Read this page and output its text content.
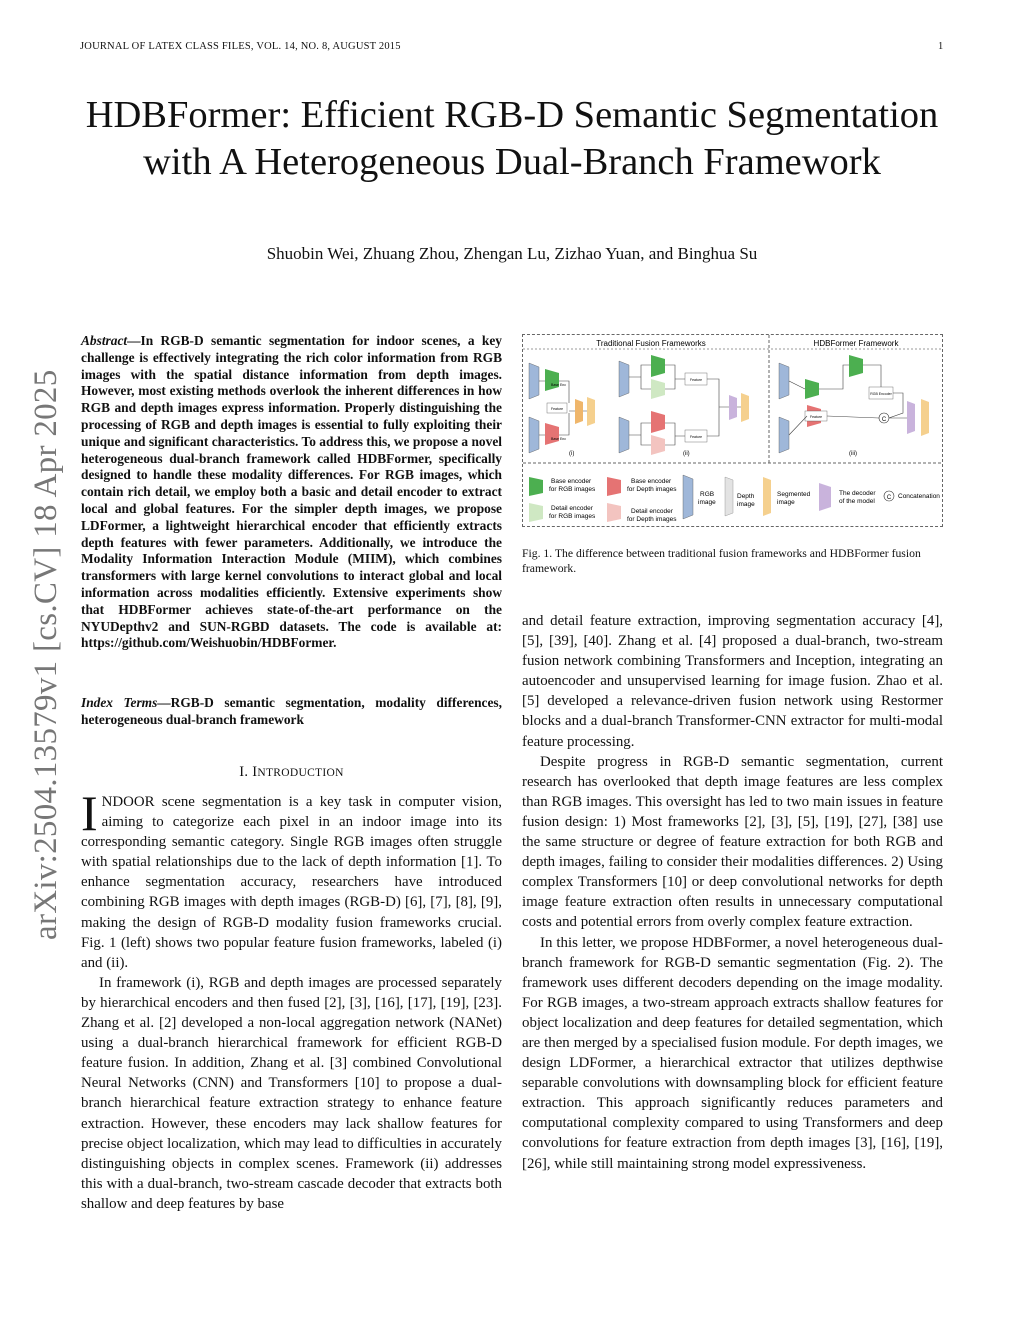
JOURNAL OF LATEX CLASS FILES, VOL. 14, NO. 8, AUGUST 2015	1
arXiv:2504.13579v1 [cs.CV] 18 Apr 2025
HDBFormer: Efficient RGB-D Semantic Segmentation with A Heterogeneous Dual-Branch Framework
Shuobin Wei, Zhuang Zhou, Zhengan Lu, Zizhao Yuan, and Binghua Su
Abstract—In RGB-D semantic segmentation for indoor scenes, a key challenge is effectively integrating the rich color information from RGB images with the spatial distance information from depth images. However, most existing methods overlook the inherent differences in how RGB and depth images express information. Properly distinguishing the processing of RGB and depth images is essential to fully exploiting their unique and significant characteristics. To address this, we propose a novel heterogeneous dual-branch framework called HDBFormer, specifically designed to handle these modality differences. For RGB images, which contain rich detail, we employ both a basic and detail encoder to extract local and global features. For the simpler depth images, we propose LDFormer, a lightweight hierarchical encoder that efficiently extracts depth features with fewer parameters. Additionally, we introduce the Modality Information Interaction Module (MIIM), which combines transformers with large kernel convolutions to interact global and local information across modalities efficiently. Extensive experiments show that HDBFormer achieves state-of-the-art performance on the NYUDepthv2 and SUN-RGBD datasets. The code is available at: https://github.com/Weishuobin/HDBFormer.
Index Terms—RGB-D semantic segmentation, modality differences, heterogeneous dual-branch framework
I. INTRODUCTION

INDOOR scene segmentation is a key task in computer vision, aiming to categorize each pixel in an indoor image into its corresponding semantic category. Single RGB images often struggle with spatial relationships due to the lack of depth information [1]. To enhance segmentation accuracy, researchers have introduced combining RGB images with depth images (RGB-D) [6], [7], [8], [9], making the design of RGB-D modality fusion frameworks crucial. Fig. 1 (left) shows two popular feature fusion frameworks, labeled (i) and (ii).

In framework (i), RGB and depth images are processed separately by hierarchical encoders and then fused [2], [3], [16], [17], [19], [23]. Zhang et al. [2] developed a non-local aggregation network (NANet) using a dual-branch hierarchical framework for efficient RGB-D feature fusion. In addition, Zhang et al. [3] combined Convolutional Neural Networks (CNN) and Transformers [10] to propose a dual-branch hierarchical feature extraction strategy to enhance feature extraction. However, these encoders may lack shallow features for precise object localization, which may lead to difficulties in accurately distinguishing objects in complex scenes. Framework (ii) addresses this with a dual-branch, two-stream cascade decoder that extracts both shallow and deep features by base

Traditional Fusion Frameworks	HDBFormer Framework
Feature
Base Enc
Base Enc
(i)
Feature
Feature
(ii)
RGB Encoder
Feature	C
(iii)
Base encoder
for RGB images
Detail encoder
for RGB images
Base encoder
for Depth images
Detail encoder
for Depth images
RGB
image
Depth
image
Segmented
image
The decoder
of the model C Concatenation
Fig. 1. The difference between traditional fusion frameworks and HDBFormer fusion framework.

and detail feature extraction, improving segmentation accuracy [4], [5], [39], [40]. Zhang et al. [4] proposed a dual-branch, two-stream fusion network combining Transformers and Inception, integrating an autoencoder and unsupervised learning for image fusion. Zhao et al. [5] developed a relevance-driven fusion network using Restormer blocks and a dual-branch Transformer-CNN extractor for multi-modal feature processing.

Despite progress in RGB-D semantic segmentation, current research has overlooked that depth image features are less complex than RGB images. This oversight has led to two main issues in feature fusion design: 1) Most frameworks [2], [3], [5], [19], [27], [38] use the same structure or degree of feature extraction for both RGB and depth images, failing to consider their modalities differences. 2) Using complex Transformers [10] or deep convolutional networks for depth image feature extraction often results in unnecessary computational costs and potential errors from overly complex feature extraction.

In this letter, we propose HDBFormer, a novel heterogeneous dual-branch framework for RGB-D semantic segmentation (Fig. 2). The framework uses different decoders depending on the image modality. For RGB images, a two-stream approach extracts shallow features for object localization and deep features for detailed segmentation, which are then merged by a specialised fusion module. For depth images, we design LDFormer, a hierarchical extractor that utilizes depthwise separable convolutions with downsampling block for efficient feature extraction. This approach significantly reduces parameters and computational complexity compared to using Transformers and deep convolutions for feature extraction from depth images [3], [16], [19], [26], while still maintaining strong model expressiveness.
